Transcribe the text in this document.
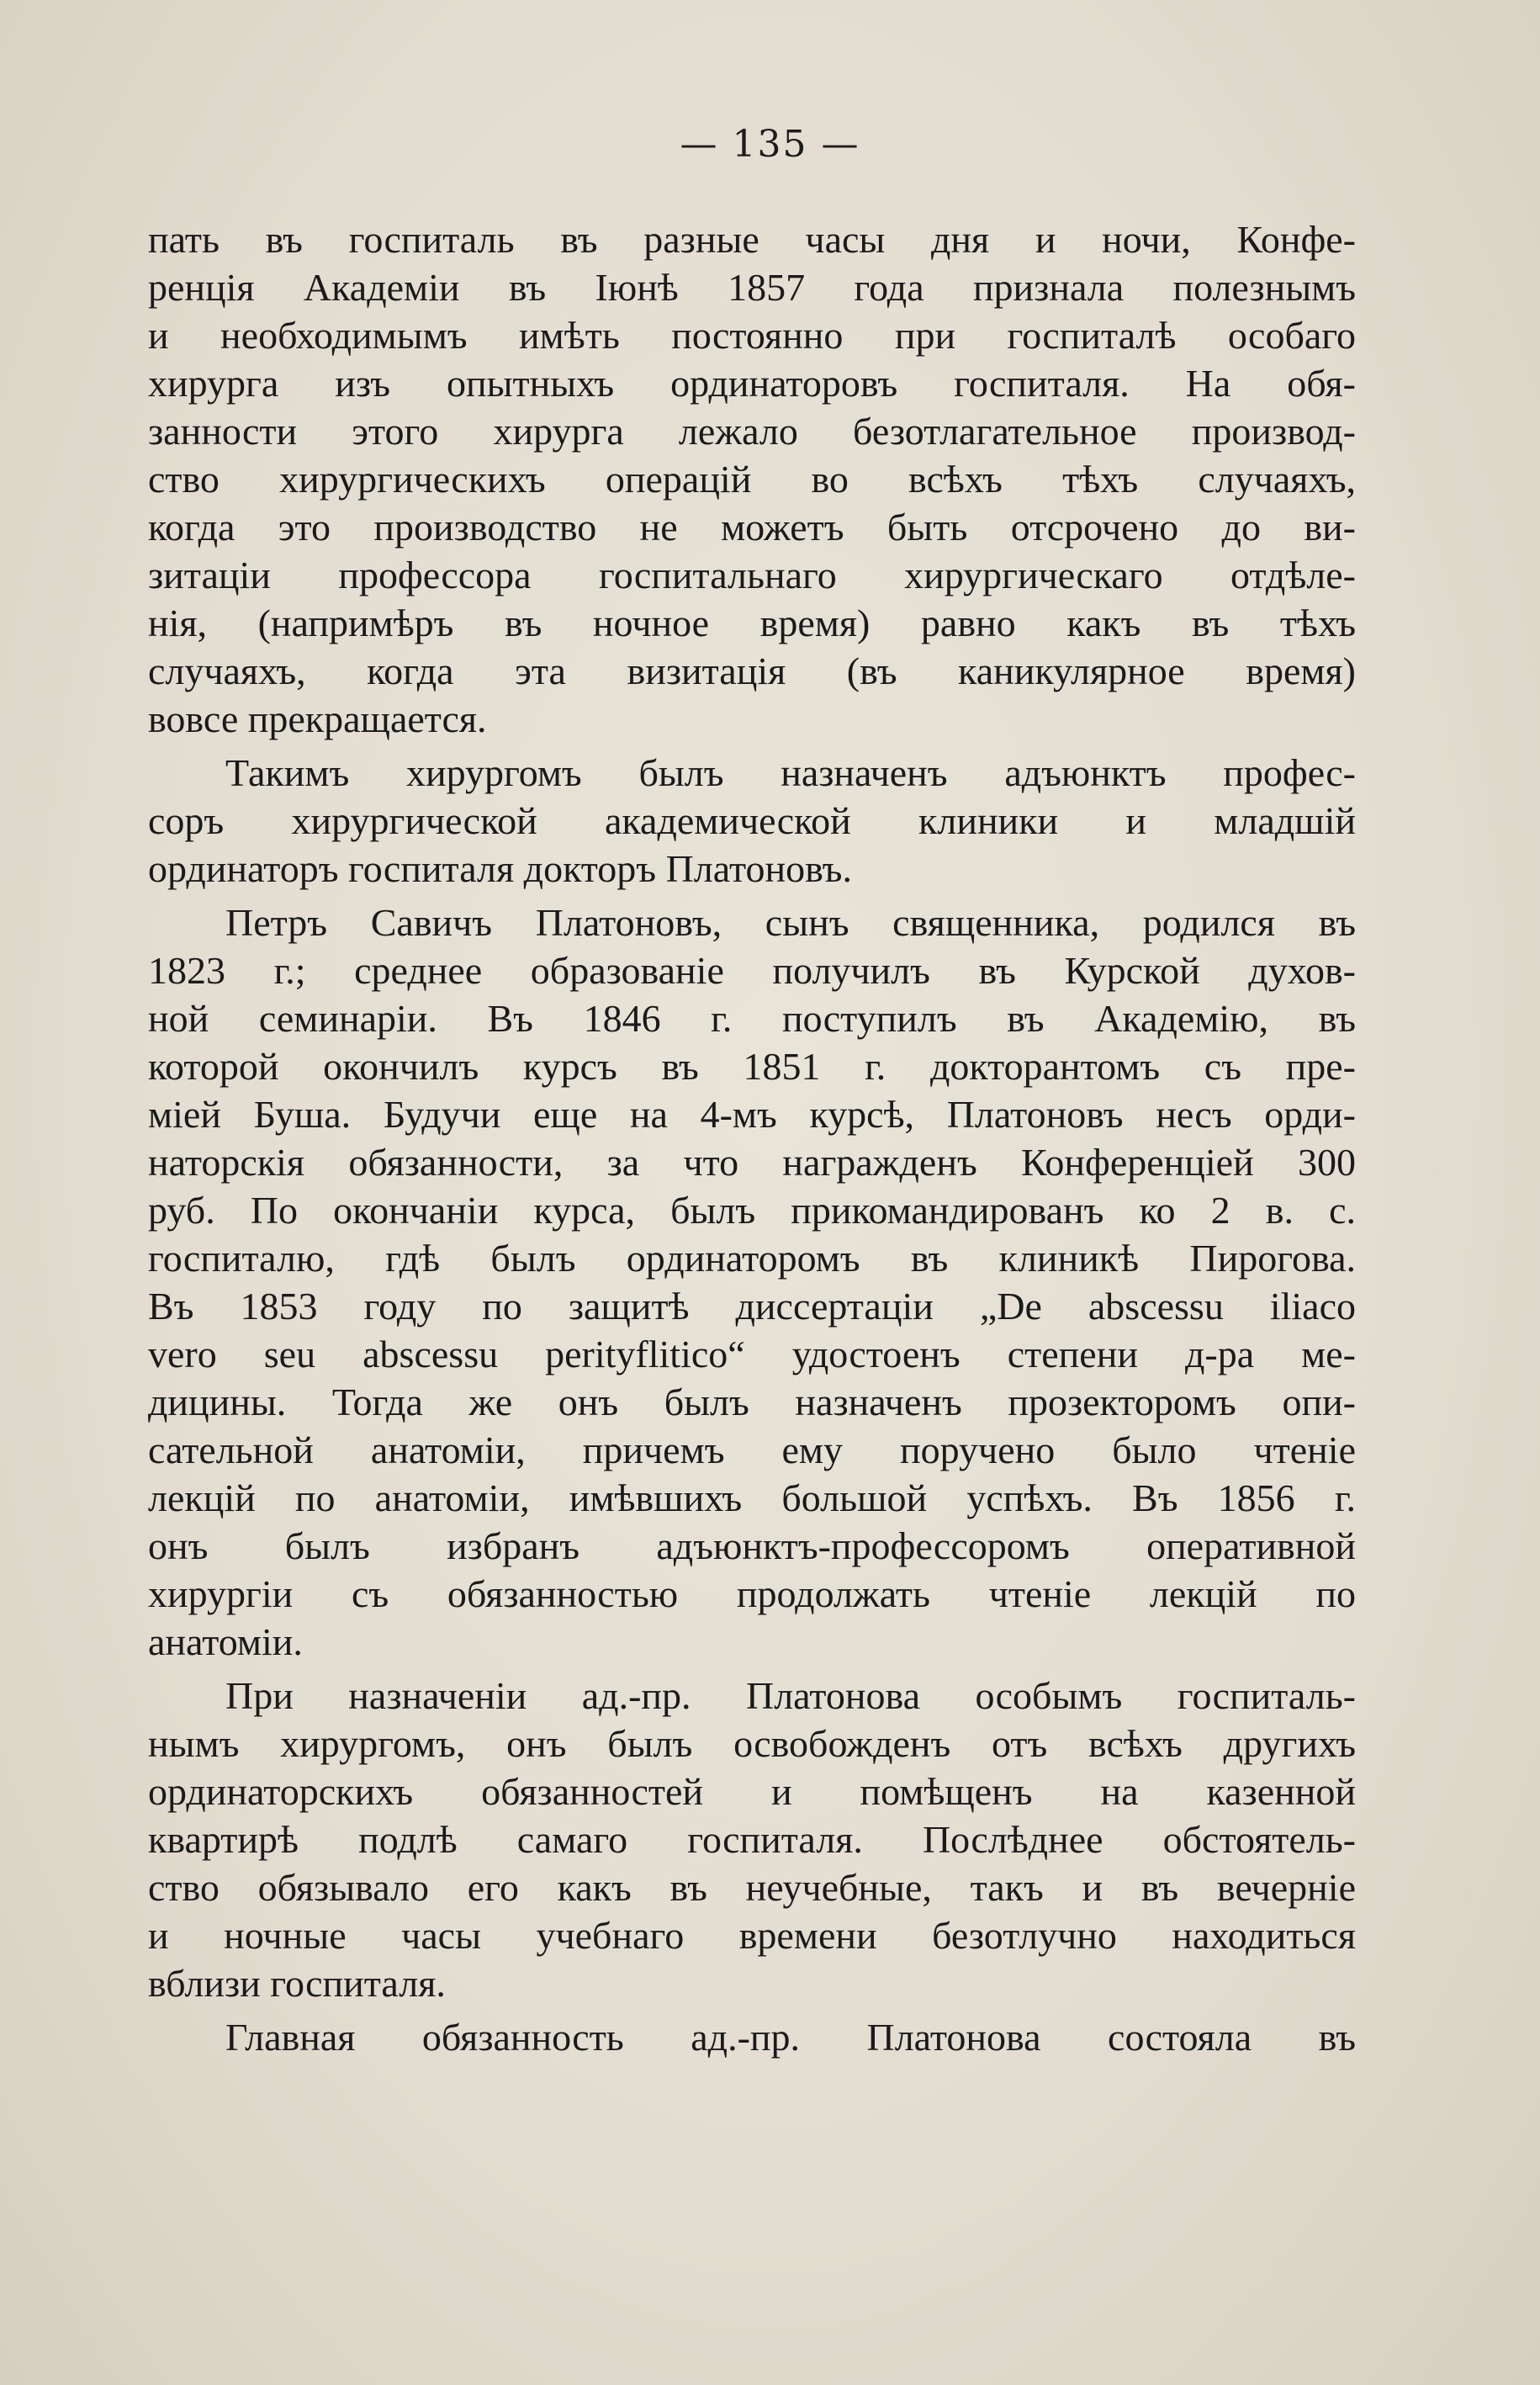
— 135 —
пать въ госпиталь въ разные часы дня и ночи, Конфе-
ренція Академіи въ Іюнѣ 1857 года признала полезнымъ
и необходимымъ имѣть постоянно при госпиталѣ особаго
хирурга изъ опытныхъ ординаторовъ госпиталя. На обя-
занности этого хирурга лежало безотлагательное производ-
ство хирургическихъ операцій во всѣхъ тѣхъ случаяхъ,
когда это производство не можетъ быть отсрочено до ви-
зитаціи профессора госпитальнаго хирургическаго отдѣле-
нія, (напримѣръ въ ночное время) равно какъ въ тѣхъ
случаяхъ, когда эта визитація (въ каникулярное время)
вовсе прекращается.
Такимъ хирургомъ былъ назначенъ адъюнктъ профес-
соръ хирургической академической клиники и младшій
ординаторъ госпиталя докторъ Платоновъ.
Петръ Савичъ Платоновъ, сынъ священника, родился въ
1823 г.; среднее образованіе получилъ въ Курской духов-
ной семинаріи. Въ 1846 г. поступилъ въ Академію, въ
которой окончилъ курсъ въ 1851 г. докторантомъ съ пре-
міей Буша. Будучи еще на 4-мъ курсѣ, Платоновъ несъ орди-
наторскія обязанности, за что награжденъ Конференціей 300
руб. По окончаніи курса, былъ прикомандированъ ко 2 в. с.
госпиталю, гдѣ былъ ординаторомъ въ клиникѣ Пирогова.
Въ 1853 году по защитѣ диссертаціи „De abscessu iliaco
vero seu abscessu perityflitico“ удостоенъ степени д-ра ме-
дицины. Тогда же онъ былъ назначенъ прозекторомъ опи-
сательной анатоміи, причемъ ему поручено было чтеніе
лекцій по анатоміи, имѣвшихъ большой успѣхъ. Въ 1856 г.
онъ былъ избранъ адъюнктъ-профессоромъ оперативной
хирургіи съ обязанностью продолжать чтеніе лекцій по
анатоміи.
При назначеніи ад.-пр. Платонова особымъ госпиталь-
нымъ хирургомъ, онъ былъ освобожденъ отъ всѣхъ другихъ
ординаторскихъ обязанностей и помѣщенъ на казенной
квартирѣ подлѣ самаго госпиталя. Послѣднее обстоятель-
ство обязывало его какъ въ неучебные, такъ и въ вечерніе
и ночные часы учебнаго времени безотлучно находиться
вблизи госпиталя.
Главная обязанность ад.-пр. Платонова состояла въ
